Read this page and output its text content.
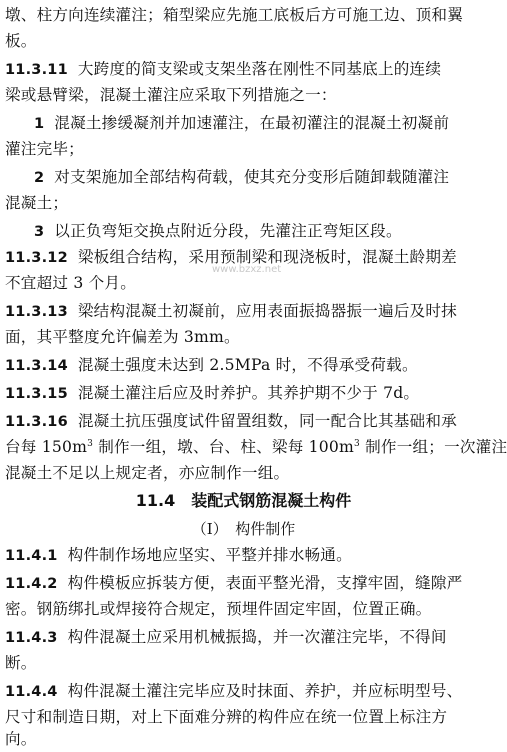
墩、柱方向连续灌注；箱型梁应先施工底板后方可施工边、顶和翼
板。
11.3.11 大跨度的简支梁或支架坐落在刚性不同基底上的连续
梁或悬臂梁，混凝土灌注应采取下列措施之一：
1 混凝土掺缓凝剂并加速灌注，在最初灌注的混凝土初凝前
灌注完毕；
2 对支架施加全部结构荷载，使其充分变形后随卸载随灌注
混凝土；
3 以正负弯矩交换点附近分段，先灌注正弯矩区段。
11.3.12 梁板组合结构，采用预制梁和现浇板时，混凝土龄期差
不宜超过 3 个月。
www.bzxz.net
11.3.13 梁结构混凝土初凝前，应用表面振捣器振一遍后及时抹
面，其平整度允许偏差为 3mm。
11.3.14 混凝土强度未达到 2.5MPa 时，不得承受荷载。
11.3.15 混凝土灌注后应及时养护。其养护期不少于 7d。
11.3.16 混凝土抗压强度试件留置组数，同一配合比其基础和承
台每 $150m^3$ 制作一组，墩、台、柱、梁每 $100m^3$ 制作一组；一次灌注
混凝土不足以上规定者，亦应制作一组。
11.4　装配式钢筋混凝土构件
（Ⅰ）　构件制作
11.4.1 构件制作场地应坚实、平整并排水畅通。
11.4.2 构件模板应拆装方便，表面平整光滑，支撑牢固，缝隙严
密。钢筋绑扎或焊接符合规定，预埋件固定牢固，位置正确。
11.4.3 构件混凝土应采用机械振捣，并一次灌注完毕，不得间
断。
11.4.4 构件混凝土灌注完毕应及时抹面、养护，并应标明型号、
尺寸和制造日期，对上下面难分辨的构件应在统一位置上标注方
向。
